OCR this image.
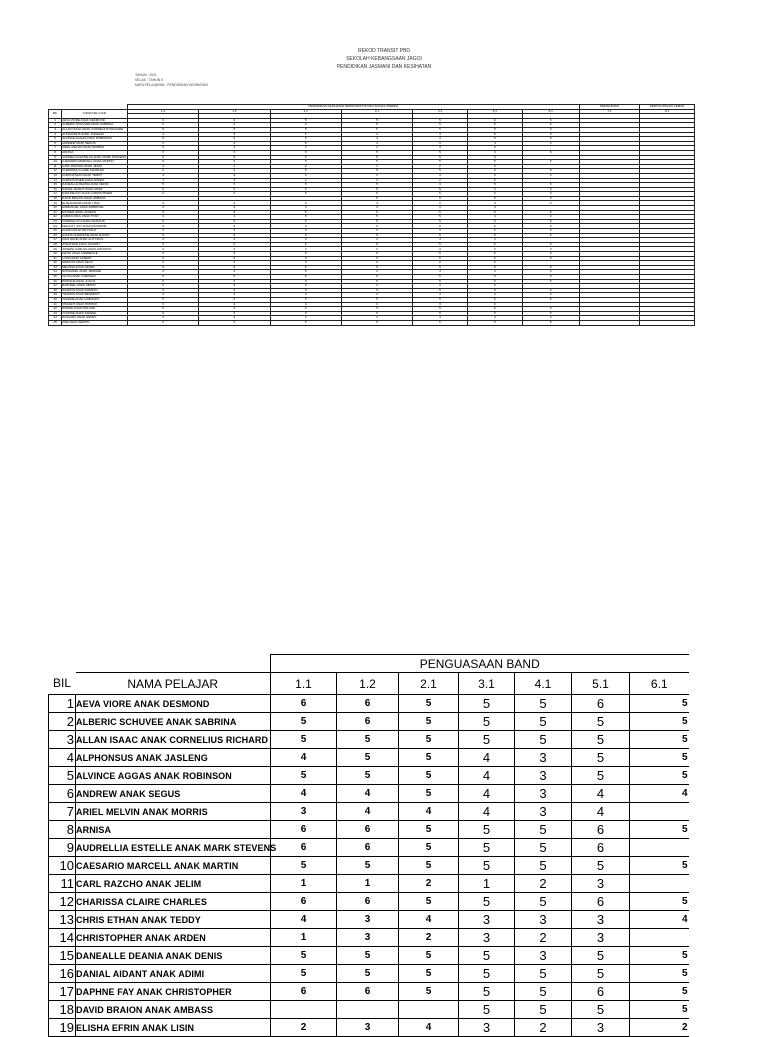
REKOD TRANSIT PBD
SEKOLAH KEBANGSAAN JAGOI
PENDIDIKAN JASMANI DAN KESIHATAN
TAHUN : 2021
KELAS : TAHUN 5
MATA PELAJARAN : PENDIDIKAN KESIHATAN
		PENDIDIKAN KESIHATAN REPRODUKTIF DAN SOSIAL (PEERS)							PEMAKANAN	PERTOLONGAN CEMAS
BIL	NAMA PELAJAR	1.1	1.2	2.1	3.1	4.1	5.1	6.1	7.1	8.1

1	AEVA VIORE ANAK DESMOND	6	6	5	5	5	6	5		
2	ALBERIC SCHUVEE ANAK SABRINA	5	6	5	5	5	5	5		
3	ALLAN ISAAC ANAK CORNELIUS RICHARD	5	5	5	5	5	5	5		
4	ALPHONSUS ANAK JASLENG	4	5	5	4	3	5	5		
5	ALVINCE AGGAS ANAK ROBINSON	5	5	5	4	3	5	5		
6	ANDREW ANAK SEGUS	4	4	5	4	3	4	4		
7	ARIEL MELVIN ANAK MORRIS	3	4	4	4	3	4			
8	ARNISA	6	6	5	5	5	6	5		
9	AUDRELLIA ESTELLE ANAK MARK STEVENS	6	6	5	5	5	6			
10	CAESARIO MARCELL ANAK MARTIN	5	5	5	5	5	5	5		
11	CARL RAZCHO ANAK JELIM	1	1	2	1	2	3			
12	CHARISSA CLAIRE CHARLES	6	6	5	5	5	6	5		
13	CHRIS ETHAN ANAK TEDDY	4	3	4	3	3	3	4		
14	CHRISTOPHER ANAK ARDEN	1	3	2	3	2	3			
15	DANEALLE DEANIA ANAK DENIS	5	5	5	5	3	5	5		
16	DANIAL AIDANT ANAK ADIMI	5	5	5	5	5	5	5		
17	DAPHNE FAY ANAK CHRISTOPHER	6	6	5	5	5	6	5		
18	DAVID BRAION ANAK AMBASS				5	5	5	5		
19	ELISHA EFRIN ANAK LISIN	2	3	4	3	2	3	2		
20	EMMANUEL ANAK AMBROSE	3	3	3	3	3	3			
21	ESTHER ANAK JOSEPH	5	5	5	5	5	5	5		
22	FABIAN PAUL ANAK TONY	4	4	5	5	5	4	4		
23	FARIDAH AYU ANAK FRANCIS	5	5	5	5	5	5	5		
24	FELICITY JOY ANAK RAYMOND	6	6	5	5	5	6	5		
25	GLENN ANAK REYNALD	3	3	3	3	3	3	3		
26	HANNA CHRISTINE ANAK RONNY	5	5	5	5	5	5	5		
27	IVAN DAVID ANAK ALOYSIUS	4	4	4	4	4	4			
28	JONATHAN ANAK JOHNNY	5	5	5	5	5	5	5		
29	JOSEPH CARLOS ANAK ANTHONY	3	4	4	3	3	3	3		
30	KEVIN ANAK LAWRENCE	5	5	5	5	5	5	5		
31	LYDIA ANAK ALBERT	6	6	5	5	5	6	5		
32	MARCUS ANAK FELIX	2	2	3	2	2	3			
33	MELISSA ANAK PETER	5	5	5	5	5	5	5		
34	NATHANIEL ANAK JEROME	4	4	5	4	4	4	4		
35	OLIVIA ANAK STEPHEN	5	5	5	5	5	5	5		
36	PATRICIA ANAK JULIUS	6	6	5	5	5	6	5		
37	RAPHAEL ANAK SIMON	3	3	3	3	3	3			
38	SHARON ANAK DOMINIC	5	5	5	5	5	5	5		
39	THOMAS ANAK BENEDICT	4	4	4	4	4	4	4		
40	VALERIE ANAK GREGORY	5	5	5	5	5	5	5		
41	VINCENT ANAK PATRICK	3	3	4	3	3	3			
42	WINNIE ANAK ROLAND	5	5	5	5	5	5	5		
43	YVONNE ANAK SAMUEL	6	6	5	5	5	6	5		
44	ZACHARY ANAK HENRY	4	4	4	4	4	4	4		
45	ZOE ANAK MARTIN	5	5	5	5	5	5	5		
		PENGUASAAN BAND						
BIL	NAMA PELAJAR	1.1	1.2	2.1	3.1	4.1	5.1	6.1
1	AEVA VIORE ANAK DESMOND	6	6	5	5	5	6	5
2	ALBERIC SCHUVEE ANAK SABRINA	5	6	5	5	5	5	5
3	ALLAN ISAAC ANAK CORNELIUS RICHARD	5	5	5	5	5	5	5
4	ALPHONSUS ANAK JASLENG	4	5	5	4	3	5	5
5	ALVINCE AGGAS ANAK ROBINSON	5	5	5	4	3	5	5
6	ANDREW ANAK SEGUS	4	4	5	4	3	4	4
7	ARIEL MELVIN ANAK MORRIS	3	4	4	4	3	4	
8	ARNISA	6	6	5	5	5	6	5
9	AUDRELLIA ESTELLE ANAK MARK STEVENS	6	6	5	5	5	6	
10	CAESARIO MARCELL ANAK MARTIN	5	5	5	5	5	5	5
11	CARL RAZCHO ANAK JELIM	1	1	2	1	2	3	
12	CHARISSA CLAIRE CHARLES	6	6	5	5	5	6	5
13	CHRIS ETHAN ANAK TEDDY	4	3	4	3	3	3	4
14	CHRISTOPHER ANAK ARDEN	1	3	2	3	2	3	
15	DANEALLE DEANIA ANAK DENIS	5	5	5	5	3	5	5
16	DANIAL AIDANT ANAK ADIMI	5	5	5	5	5	5	5
17	DAPHNE FAY ANAK CHRISTOPHER	6	6	5	5	5	6	5
18	DAVID BRAION ANAK AMBASS				5	5	5	5
19	ELISHA EFRIN ANAK LISIN	2	3	4	3	2	3	2
